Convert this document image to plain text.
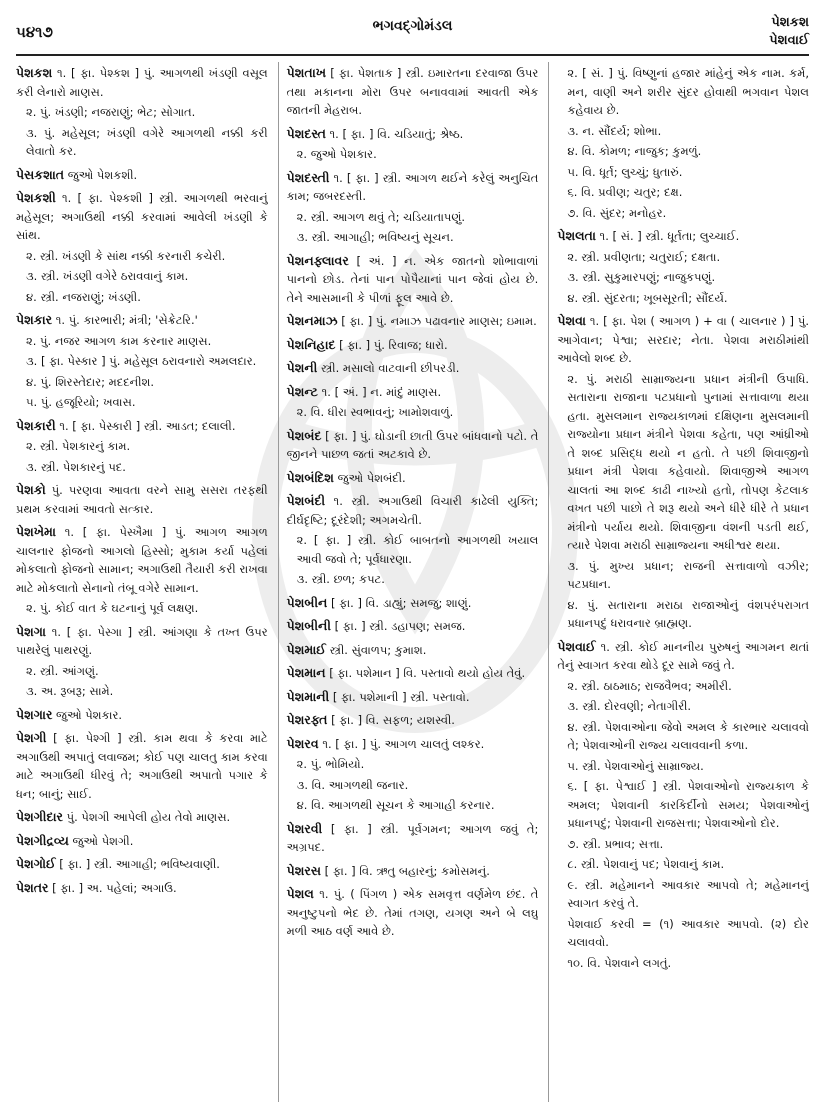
૫૪૧૭	ભગવદ્ગોમંડલ	પેશકશ
પેશવાઈ
પેશકશ ૧. [ ફા. પેશ્કશ ] પું. આગળથી ખંડણી વસૂલ કરી લેનારો માણસ.
૨. પું. ખંડણી; નજરાણું; ભેટ; સોગાત.
૩. પું. મહેસૂલ; ખંડણી વગેરે આગળથી નક્કી કરી લેવાતો કર.
પેસકશાત જુઓ પેશકશી.
પેશકશી ૧. [ ફા. પેશ્કશી ] સ્ત્રી. આગળથી ભરવાનું મહેસૂલ; અગાઉથી નક્કી કરવામાં આવેલી ખંડણી કે સાંથ.
૨. સ્ત્રી. ખંડણી કે સાંથ નક્કી કરનારી કચેરી.
૩. સ્ત્રી. ખંડણી વગેરે ઠરાવવાનું કામ.
૪. સ્ત્રી. નજરાણું; ખંડણી.
પેશકાર ૧. પું. કારભારી; મંત્રી; 'સેક્રેટરિ.'
૨. પું. નજર આગળ કામ કરનાર માણસ.
૩. [ ફા. પેસ્કાર ] પું. મહેસૂલ ઠરાવનારો અમલદાર.
૪. પું. શિરસ્તેદાર; મદદનીશ.
૫. પું. હજૂરિયો; ખવાસ.
પેશકારી ૧. [ ફા. પેસ્કારી ] સ્ત્રી. આડત; દલાલી.
૨. સ્ત્રી. પેશકારનું કામ.
૩. સ્ત્રી. પેશકારનું પદ.
પેશકો પું. પરણવા આવતા વરને સામુ સસરા તરફથી પ્રથમ કરવામાં આવતો સત્કાર.
પેશખેમા ૧. [ ફા. પેસ્ખૈમા ] પું. આગળ આગળ ચાલનાર ફોજનો આગલો હિસ્સો; મુકામ કર્યા પહેલાં મોકલાતો ફોજનો સામાન; અગાઉથી તૈયારી કરી રાખવા માટે મોકલાતો સેનાનો તંબૂ વગેરે સામાન.
૨. પું. કોઈ વાત કે ઘટનાનું પૂર્વ લક્ષણ.
પેશગા ૧. [ ફા. પેસ્ગા ] સ્ત્રી. આંગણા કે તખ્ત ઉપર પાથરેલું પાથરણું.
૨. સ્ત્રી. આંગણું.
૩. અ. રૂબરૂ; સામે.
પેશગાર જુઓ પેશકાર.
પેશગી [ ફા. પેશ્ગી ] સ્ત્રી. કામ થવા કે કરવા માટે અગાઉથી અપાતું લવાજમ; કોઈ પણ ચાલતુ કામ કરવા માટે અગાઉથી ધીરવું તે; અગાઉથી અપાતો પગાર કે ધન; બાનું; સાઈ.
પેશગીદાર પું. પેશગી આપેલી હોય તેવો માણસ.
પેશગીદ્રવ્ય જુઓ પેશગી.
પેશગોઈ [ ફા. ] સ્ત્રી. આગાહી; ભવિષ્યવાણી.
પેશતર [ ફા. ] અ. પહેલાં; અગાઉ.
પેશતાખ [ ફા. પેશતાક ] સ્ત્રી. ઇમારતના દરવાજા ઉપર તથા મકાનના મોરા ઉપર બનાવવામાં આવતી એક જાતની મેહરાબ.
પેશદસ્ત ૧. [ ફા. ] વિ. ચડિયાતું; શ્રેષ્ઠ.
૨. જુઓ પેશકાર.
પેશદસ્તી ૧. [ ફા. ] સ્ત્રી. આગળ થઈને કરેલું અનુચિત કામ; જબરદસ્તી.
૨. સ્ત્રી. આગળ થવું તે; ચડિયાતાપણું.
૩. સ્ત્રી. આગાહી; ભવિષ્યનું સૂચન.
પેશનફ્લાવર [ અં. ] ન. એક જાતનો શોભાવાળાં પાનનો છોડ. તેનાં પાન પોપૈયાનાં પાન જેવાં હોય છે. તેને આસમાની કે પીળાં ફૂલ આવે છે.
પેશનમાઝ [ ફા. ] પું. નમાઝ પઢાવનાર માણસ; ઇમામ.
પેશનિહાદ [ ફા. ] પું. રિવાજ; ધારો.
પેશની સ્ત્રી. મસાલો વાટવાની છીપરડી.
પેશન્ટ ૧. [ અં. ] ન. માંદું માણસ.
૨. વિ. ધીરા સ્વભાવનું; ખામોશવાળું.
પેશબંદ [ ફા. ] પું. ઘોડાની છાતી ઉપર બાંધવાનો પટો. તે જીનને પાછળ જતાં અટકાવે છે.
પેશબંદિશ જુઓ પેશબંદી.
પેશબંદી ૧. સ્ત્રી. અગાઉથી વિચારી કાઢેલી યુક્તિ; દીર્ઘદૃષ્ટિ; દૂરંદેશી; અગમચેતી.
૨. [ ફા. ] સ્ત્રી. કોઈ બાબતનો આગળથી ખયાલ આવી જવો તે; પૂર્વધારણા.
૩. સ્ત્રી. છળ; કપટ.
પેશબીન [ ફા. ] વિ. ડાહ્યું; સમજુ; શાણું.
પેશબીની [ ફા. ] સ્ત્રી. ડહાપણ; સમજ.
પેશમાઈ સ્ત્રી. સુંવાળપ; કુમાશ.
પેશમાન [ ફા. પશેમાન ] વિ. પસ્તાવો થયો હોય તેવું.
પેશમાની [ ફા. પશેમાની ] સ્ત્રી. પસ્તાવો.
પેશરફ્ત [ ફા. ] વિ. સફળ; યશસ્વી.
પેશરવ ૧. [ ફા. ] પું. આગળ ચાલતું લશ્કર.
૨. પું. ભોમિયો.
૩. વિ. આગળથી જનાર.
૪. વિ. આગળથી સૂચન કે આગાહી કરનાર.
પેશરવી [ ફા. ] સ્ત્રી. પૂર્વગમન; આગળ જવું તે; અગ્રપદ.
પેશરસ [ ફા. ] વિ. ઋતુ બહારનું; કમોસમનું.
પેશલ ૧. પું. ( પિંગળ ) એક સમવૃત્ત વર્ણમેળ છંદ. તે અનુષ્ટુપનો ભેદ છે. તેમાં તગણ, યગણ અને બે લઘુ મળી આઠ વર્ણ આવે છે.
૨. [ સં. ] પું. વિષ્ણુનાં હજાર માંહેનું એક નામ. કર્મ, મન, વાણી અને શરીર સુંદર હોવાથી ભગવાન પેશલ કહેવાય છે.
૩. ન. સૌંદર્ય; શોભા.
૪. વિ. કોમળ; નાજુક; કુમળું.
૫. વિ. ધૂર્ત; લુચ્ચું; ધુતારું.
૬. વિ. પ્રવીણ; ચતુર; દક્ષ.
૭. વિ. સુંદર; મનોહર.
પેશલતા ૧. [ સં. ] સ્ત્રી. ધૂર્તતા; લુચ્ચાઈ.
૨. સ્ત્રી. પ્રવીણતા; ચતુરાઈ; દક્ષતા.
૩. સ્ત્રી. સુકુમારપણું; નાજુકપણું.
૪. સ્ત્રી. સુંદરતા; ખૂબસૂરતી; સૌંદર્ય.
પેશવા ૧. [ ફા. પેશ ( આગળ ) + વા ( ચાલનાર ) ] પું. આગેવાન; પેશ્વા; સરદાર; નેતા. પેશવા મરાઠીમાંથી આવેલો શબ્દ છે.
૨. પું. મરાઠી સામ્રાજ્યના પ્રધાન મંત્રીની ઉપાધિ. સતારાના રાજાના પટપ્રધાનો પુનામાં સત્તાવાળા થયા હતા. મુસલમાન રાજ્યકાળમાં દક્ષિણના મુસલમાની રાજ્યોના પ્રધાન મંત્રીને પેશવા કહેતા, પણ આંધ્રીઓ તે શબ્દ પ્રસિદ્ધ થયો ન હતો. તે પછી શિવાજીનો પ્રધાન મંત્રી પેશવા કહેવાયો. શિવાજીએ આગળ ચાલતાં આ શબ્દ કાઢી નાખ્યો હતો, તોપણ કેટલાક વખત પછી પાછો તે શરૂ થયો અને ધીરે ધીરે તે પ્રધાન મંત્રીનો પર્યાય થયો. શિવાજીના વંશની પડતી થઈ, ત્યારે પેશવા મરાઠી સામ્રાજ્યના અધીશ્વર થયા.
૩. પું. મુખ્ય પ્રધાન; રાજની સત્તાવાળો વઝીર; પટપ્રધાન.
૪. પું. સતારાના મરાઠા રાજાઓનું વંશપરંપરાગત પ્રધાનપદું ધરાવનાર બ્રાહ્મણ.
પેશવાઈ ૧. સ્ત્રી. કોઈ માનનીય પુરુષનું આગમન થતાં તેનું સ્વાગત કરવા થોડે દૂર સામે જવું તે.
૨. સ્ત્રી. ઠાઠમાઠ; રાજવૈભવ; અમીરી.
૩. સ્ત્રી. દોરવણી; નેતાગીરી.
૪. સ્ત્રી. પેશવાઓના જેવો અમલ કે કારભાર ચલાવવો તે; પેશવાઓની રાજ્ય ચલાવવાની કળા.
૫. સ્ત્રી. પેશવાઓનું સામ્રાજ્ય.
૬. [ ફા. પેશ્વાઈ ] સ્ત્રી. પેશવાઓનો રાજ્યકાળ કે અમલ; પેશવાની કારકિર્દીનો સમય; પેશવાઓનું પ્રધાનપદું; પેશવાની રાજસત્તા; પેશવાઓનો દોર.
૭. સ્ત્રી. પ્રભાવ; સત્તા.
૮. સ્ત્રી. પેશવાનું પદ; પેશવાનું કામ.
૯. સ્ત્રી. મહેમાનને આવકાર આપવો તે; મહેમાનનું સ્વાગત કરવું તે.
પેશવાઈ કરવી = (૧) આવકાર આપવો. (૨) દોર ચલાવવો.
૧૦. વિ. પેશવાને લગતું.
